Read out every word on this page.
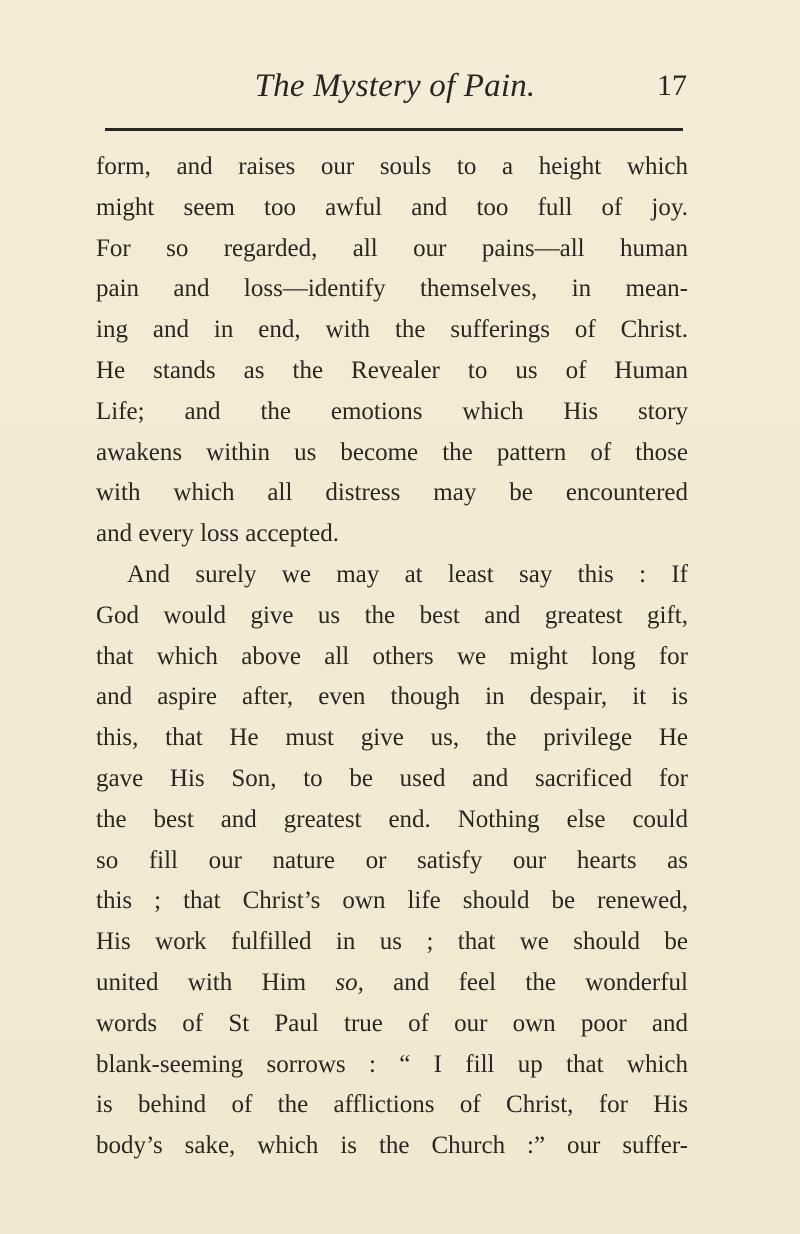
The Mystery of Pain.	17
form, and raises our souls to a height which
might seem too awful and too full of joy.
For so regarded, all our pains—all human
pain and loss—identify themselves, in mean-
ing and in end, with the sufferings of Christ.
He stands as the Revealer to us of Human
Life; and the emotions which His story
awakens within us become the pattern of those
with which all distress may be encountered
and every loss accepted.
And surely we may at least say this : If
God would give us the best and greatest gift,
that which above all others we might long for
and aspire after, even though in despair, it is
this, that He must give us, the privilege He
gave His Son, to be used and sacrificed for
the best and greatest end. Nothing else could
so fill our nature or satisfy our hearts as
this ; that Christ’s own life should be renewed,
His work fulfilled in us ; that we should be
united with Him so, and feel the wonderful
words of St Paul true of our own poor and
blank-seeming sorrows : “ I fill up that which
is behind of the afflictions of Christ, for His
body’s sake, which is the Church :” our suffer-
